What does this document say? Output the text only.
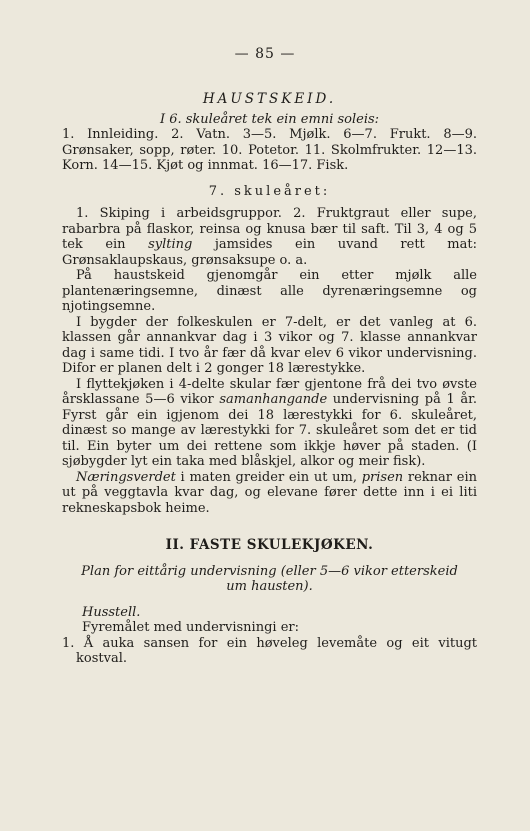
— 85 —
HAUSTSKEID.
I 6. skuleåret tek ein emni soleis:

1. Innleiding. 2. Vatn. 3—5. Mjølk. 6—7. Frukt. 8—9. Grønsaker, sopp, røter. 10. Potetor. 11. Skolmfrukter. 12—13. Korn. 14—15. Kjøt og innmat. 16—17. Fisk.

7. skuleåret:

1. Skiping i arbeidsgruppor. 2. Fruktgraut eller supe, rabarbra på flaskor, reinsa og knusa bær til saft. Til 3, 4 og 5 tek ein sylting jamsides ein uvand rett mat: Grønsaklaupskaus, grønsaksupe o. a.

På haustskeid gjenomgår ein etter mjølk alle plantenæringsemne, dinæst alle dyrenæringsemne og njotingsemne.

I bygder der folkeskulen er 7-delt, er det vanleg at 6. klassen går annankvar dag i 3 vikor og 7. klasse annankvar dag i same tidi. I tvo år fær då kvar elev 6 vikor undervisning. Difor er planen delt i 2 gonger 18 lærestykke.

I flyttekjøken i 4-delte skular fær gjentone frå dei tvo øvste årsklassane 5—6 vikor samanhangande undervisning på 1 år. Fyrst går ein igjenom dei 18 lærestykki for 6. skuleåret, dinæst so mange av lærestykki for 7. skuleåret som det er tid til. Ein byter um dei rettene som ikkje høver på staden. (I sjøbygder lyt ein taka med blåskjel, alkor og meir fisk).

Næringsverdet i maten greider ein ut um, prisen reknar ein ut på veggtavla kvar dag, og elevane fører dette inn i ei liti rekneskapsbok heime.

II. FASTE SKULEKJØKEN.
Plan for eittårig undervisning (eller 5—6 vikor etterskeid um hausten).
Husstell.
Fyremålet med undervisningi er:

1. Å auka sansen for ein høveleg levemåte og eit vitugt kostval.
